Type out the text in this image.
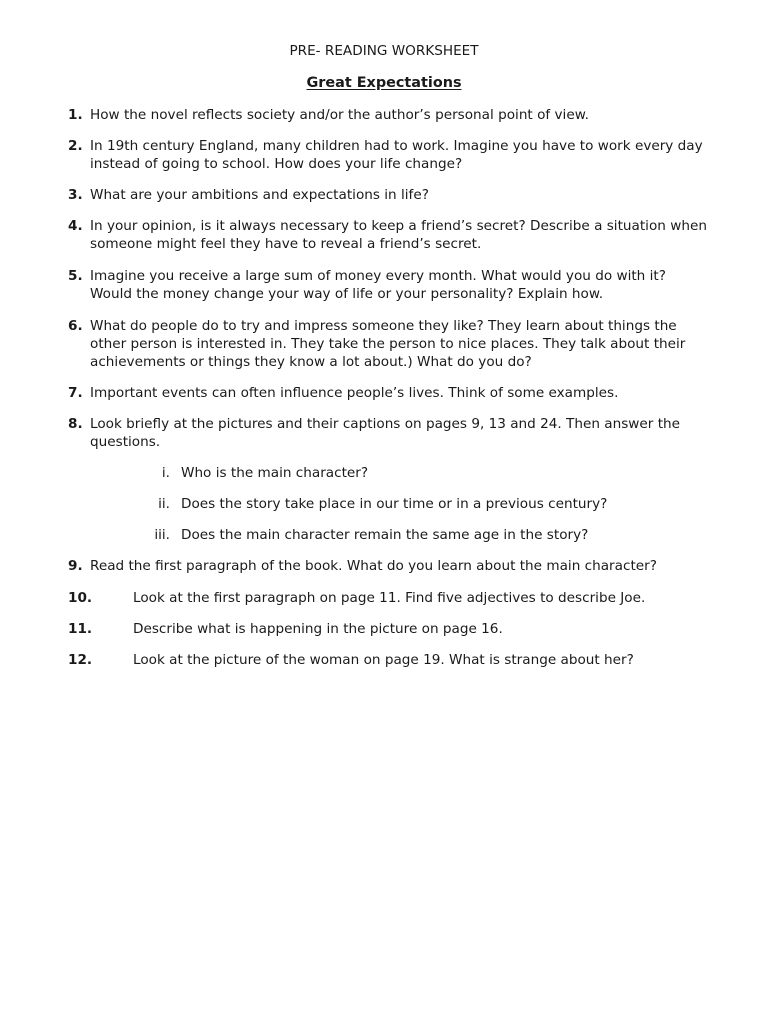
PRE- READING WORKSHEET
Great Expectations
1. How the novel reflects society and/or the author’s personal point of view.
2. In 19th century England, many children had to work. Imagine you have to work every day
instead of going to school. How does your life change?
3. What are your ambitions and expectations in life?
4. In your opinion, is it always necessary to keep a friend’s secret? Describe a situation when
someone might feel they have to reveal a friend’s secret.
5. Imagine you receive a large sum of money every month. What would you do with it?
Would the money change your way of life or your personality? Explain how.
6. What do people do to try and impress someone they like? They learn about things the
other person is interested in. They take the person to nice places. They talk about their
achievements or things they know a lot about.) What do you do?
7. Important events can often influence people’s lives. Think of some examples.
8. Look briefly at the pictures and their captions on pages 9, 13 and 24. Then answer the
questions.
i. Who is the main character?
ii. Does the story take place in our time or in a previous century?
iii. Does the main character remain the same age in the story?
9. Read the first paragraph of the book. What do you learn about the main character?
10.	Look at the first paragraph on page 11. Find five adjectives to describe Joe.
11.	Describe what is happening in the picture on page 16.
12.	Look at the picture of the woman on page 19. What is strange about her?
